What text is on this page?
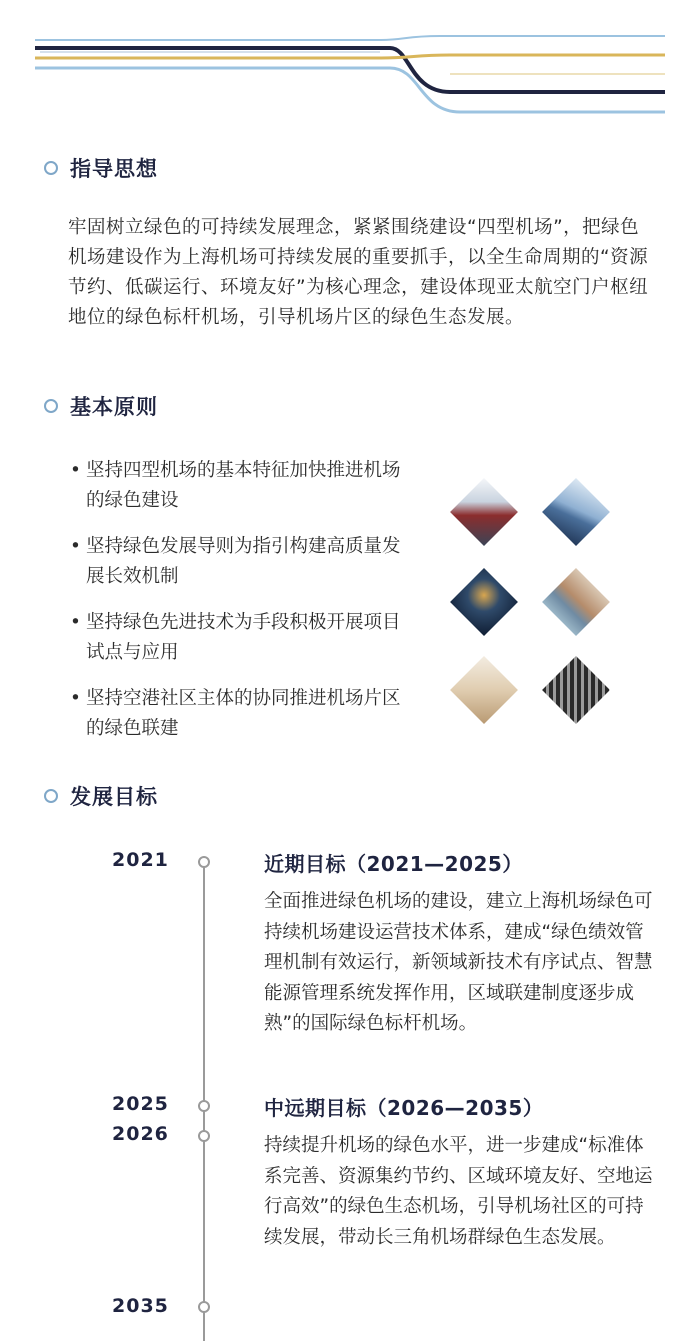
指导思想
牢固树立绿色的可持续发展理念，紧紧围绕建设“四型机场”，把绿色机场建设作为上海机场可持续发展的重要抓手，以全生命周期的“资源节约、低碳运行、环境友好”为核心理念，建设体现亚太航空门户枢纽地位的绿色标杆机场，引导机场片区的绿色生态发展。
基本原则
• 坚持四型机场的基本特征加快推进机场的绿色建设
• 坚持绿色发展导则为指引构建高质量发展长效机制
• 坚持绿色先进技术为手段积极开展项目试点与应用
• 坚持空港社区主体的协同推进机场片区的绿色联建
发展目标
2021
2025
2026
2035
近期目标（2021—2025）
全面推进绿色机场的建设，建立上海机场绿色可持续机场建设运营技术体系，建成“绿色绩效管理机制有效运行，新领域新技术有序试点、智慧能源管理系统发挥作用，区域联建制度逐步成熟”的国际绿色标杆机场。
中远期目标（2026—2035）
持续提升机场的绿色水平，进一步建成“标准体系完善、资源集约节约、区域环境友好、空地运行高效”的绿色生态机场，引导机场社区的可持续发展，带动长三角机场群绿色生态发展。
